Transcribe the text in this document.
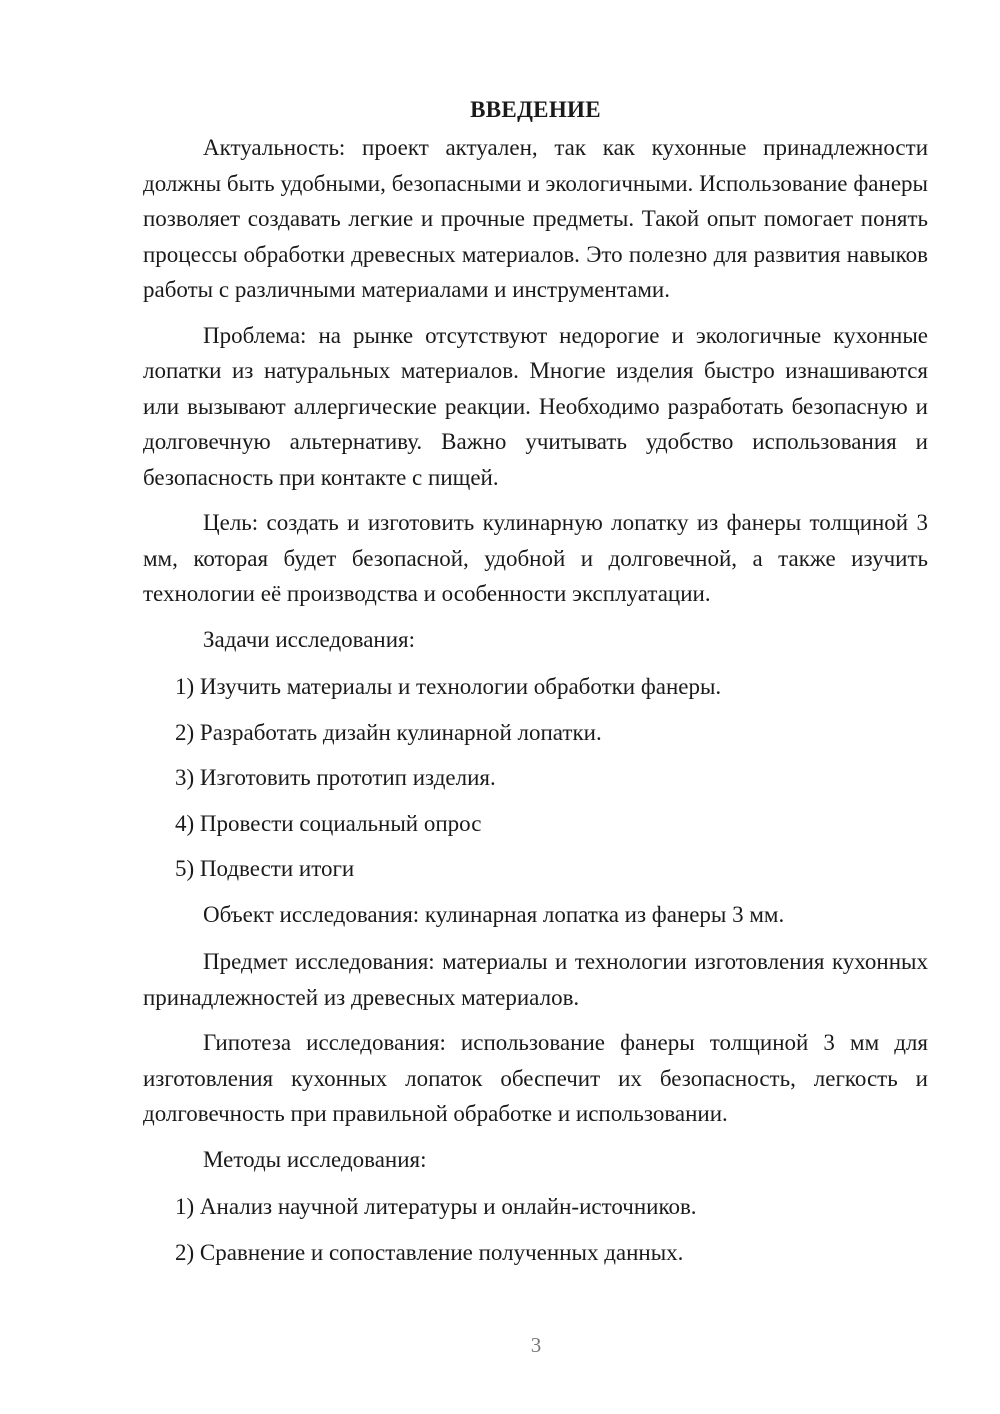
ВВЕДЕНИЕ

Актуальность: проект актуален, так как кухонные принадлежности должны быть удобными, безопасными и экологичными. Использование фанеры позволяет создавать легкие и прочные предметы. Такой опыт помогает понять процессы обработки древесных материалов. Это полезно для развития навыков работы с различными материалами и инструментами.

Проблема: на рынке отсутствуют недорогие и экологичные кухонные лопатки из натуральных материалов. Многие изделия быстро изнашиваются или вызывают аллергические реакции. Необходимо разработать безопасную и долговечную альтернативу. Важно учитывать удобство использования и безопасность при контакте с пищей.

Цель: создать и изготовить кулинарную лопатку из фанеры толщиной 3 мм, которая будет безопасной, удобной и долговечной, а также изучить технологии её производства и особенности эксплуатации.

Задачи исследования:

1) Изучить материалы и технологии обработки фанеры.
2) Разработать дизайн кулинарной лопатки.
3) Изготовить прототип изделия.
4) Провести социальный опрос
5) Подвести итоги

Объект исследования: кулинарная лопатка из фанеры 3 мм.

Предмет исследования: материалы и технологии изготовления кухонных принадлежностей из древесных материалов.

Гипотеза исследования: использование фанеры толщиной 3 мм для изготовления кухонных лопаток обеспечит их безопасность, легкость и долговечность при правильной обработке и использовании.

Методы исследования:

1) Анализ научной литературы и онлайн-источников.
2) Сравнение и сопоставление полученных данных.
3
